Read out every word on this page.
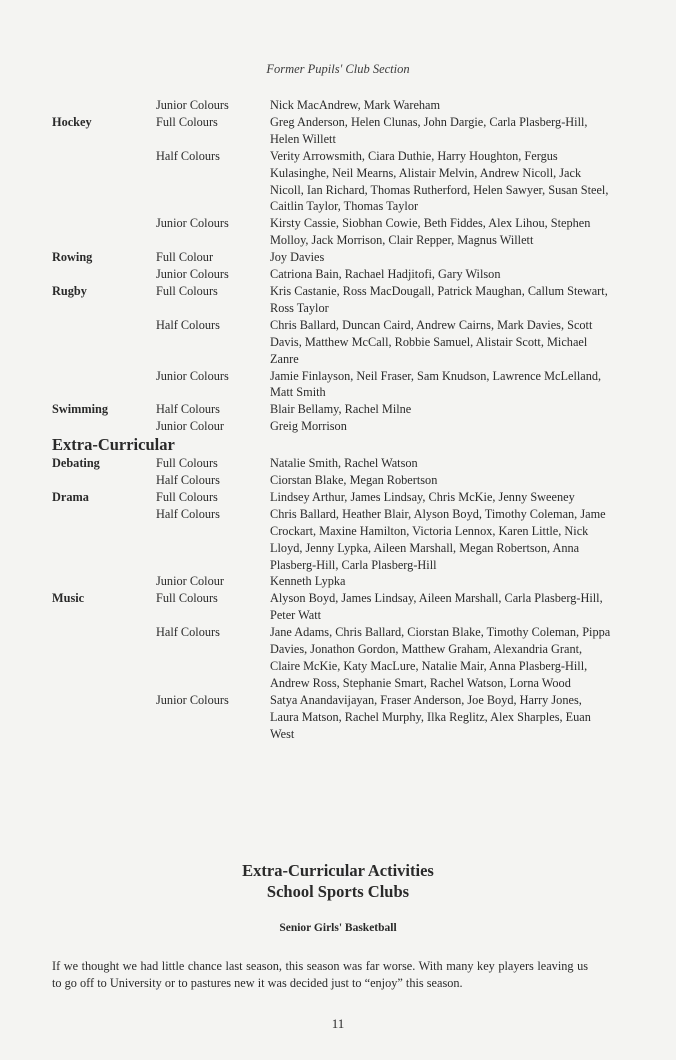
Former Pupils' Club Section
Junior Colours	Nick MacAndrew, Mark Wareham
Hockey	Full Colours	Greg Anderson, Helen Clunas, John Dargie, Carla Plasberg-Hill, Helen Willett
Half Colours	Verity Arrowsmith, Ciara Duthie, Harry Houghton, Fergus Kulasinghe, Neil Mearns, Alistair Melvin, Andrew Nicoll, Jack Nicoll, Ian Richard, Thomas Rutherford, Helen Sawyer, Susan Steel, Caitlin Taylor, Thomas Taylor
Junior Colours	Kirsty Cassie, Siobhan Cowie, Beth Fiddes, Alex Lihou, Stephen Molloy, Jack Morrison, Clair Repper, Magnus Willett
Rowing	Full Colour	Joy Davies
Junior Colours	Catriona Bain, Rachael Hadjitofi, Gary Wilson
Rugby	Full Colours	Kris Castanie, Ross MacDougall, Patrick Maughan, Callum Stewart, Ross Taylor
Half Colours	Chris Ballard, Duncan Caird, Andrew Cairns, Mark Davies, Scott Davis, Matthew McCall, Robbie Samuel, Alistair Scott, Michael Zanre
Junior Colours	Jamie Finlayson, Neil Fraser, Sam Knudson, Lawrence McLelland, Matt Smith
Swimming	Half Colours	Blair Bellamy, Rachel Milne
Junior Colour	Greig Morrison
Extra-Curricular
Debating	Full Colours	Natalie Smith, Rachel Watson
Half Colours	Ciorstan Blake, Megan Robertson
Drama	Full Colours	Lindsey Arthur, James Lindsay, Chris McKie, Jenny Sweeney
Half Colours	Chris Ballard, Heather Blair, Alyson Boyd, Timothy Coleman, Jame Crockart, Maxine Hamilton, Victoria Lennox, Karen Little, Nick Lloyd, Jenny Lypka, Aileen Marshall, Megan Robertson, Anna Plasberg-Hill, Carla Plasberg-Hill
Junior Colour	Kenneth Lypka
Music	Full Colours	Alyson Boyd, James Lindsay, Aileen Marshall, Carla Plasberg-Hill, Peter Watt
Half Colours	Jane Adams, Chris Ballard, Ciorstan Blake, Timothy Coleman, Pippa Davies, Jonathon Gordon, Matthew Graham, Alexandria Grant, Claire McKie, Katy MacLure, Natalie Mair, Anna Plasberg-Hill, Andrew Ross, Stephanie Smart, Rachel Watson, Lorna Wood
Junior Colours	Satya Anandavijayan, Fraser Anderson, Joe Boyd, Harry Jones, Laura Matson, Rachel Murphy, Ilka Reglitz, Alex Sharples, Euan West
Extra-Curricular Activities
School Sports Clubs
Senior Girls' Basketball
If we thought we had little chance last season, this season was far worse. With many key players leaving us to go off to University or to pastures new it was decided just to “enjoy” this season.
11
